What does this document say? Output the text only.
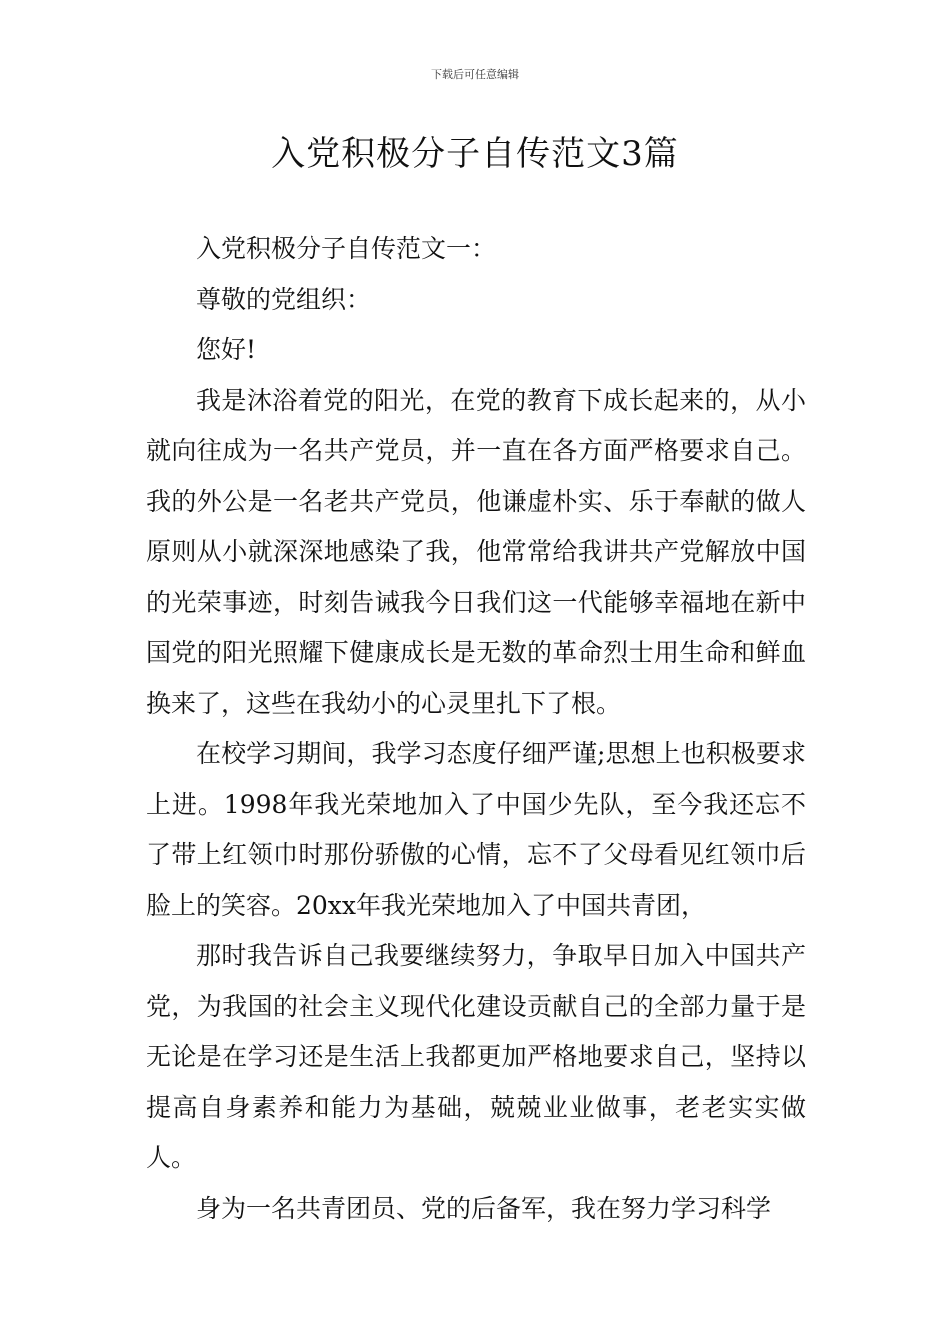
下载后可任意编辑
入党积极分子自传范文3篇

入党积极分子自传范文一：

尊敬的党组织：

您好!

我是沐浴着党的阳光，在党的教育下成长起来的，从小就向往成为一名共产党员，并一直在各方面严格要求自己。我的外公是一名老共产党员，他谦虚朴实、乐于奉献的做人原则从小就深深地感染了我，他常常给我讲共产党解放中国的光荣事迹，时刻告诫我今日我们这一代能够幸福地在新中国党的阳光照耀下健康成长是无数的革命烈士用生命和鲜血换来了，这些在我幼小的心灵里扎下了根。

在校学习期间，我学习态度仔细严谨;思想上也积极要求上进。1998年我光荣地加入了中国少先队，至今我还忘不了带上红领巾时那份骄傲的心情，忘不了父母看见红领巾后脸上的笑容。20xx年我光荣地加入了中国共青团，

那时我告诉自己我要继续努力，争取早日加入中国共产党，为我国的社会主义现代化建设贡献自己的全部力量于是无论是在学习还是生活上我都更加严格地要求自己，坚持以提高自身素养和能力为基础，兢兢业业做事，老老实实做人。

身为一名共青团员、党的后备军，我在努力学习科学
